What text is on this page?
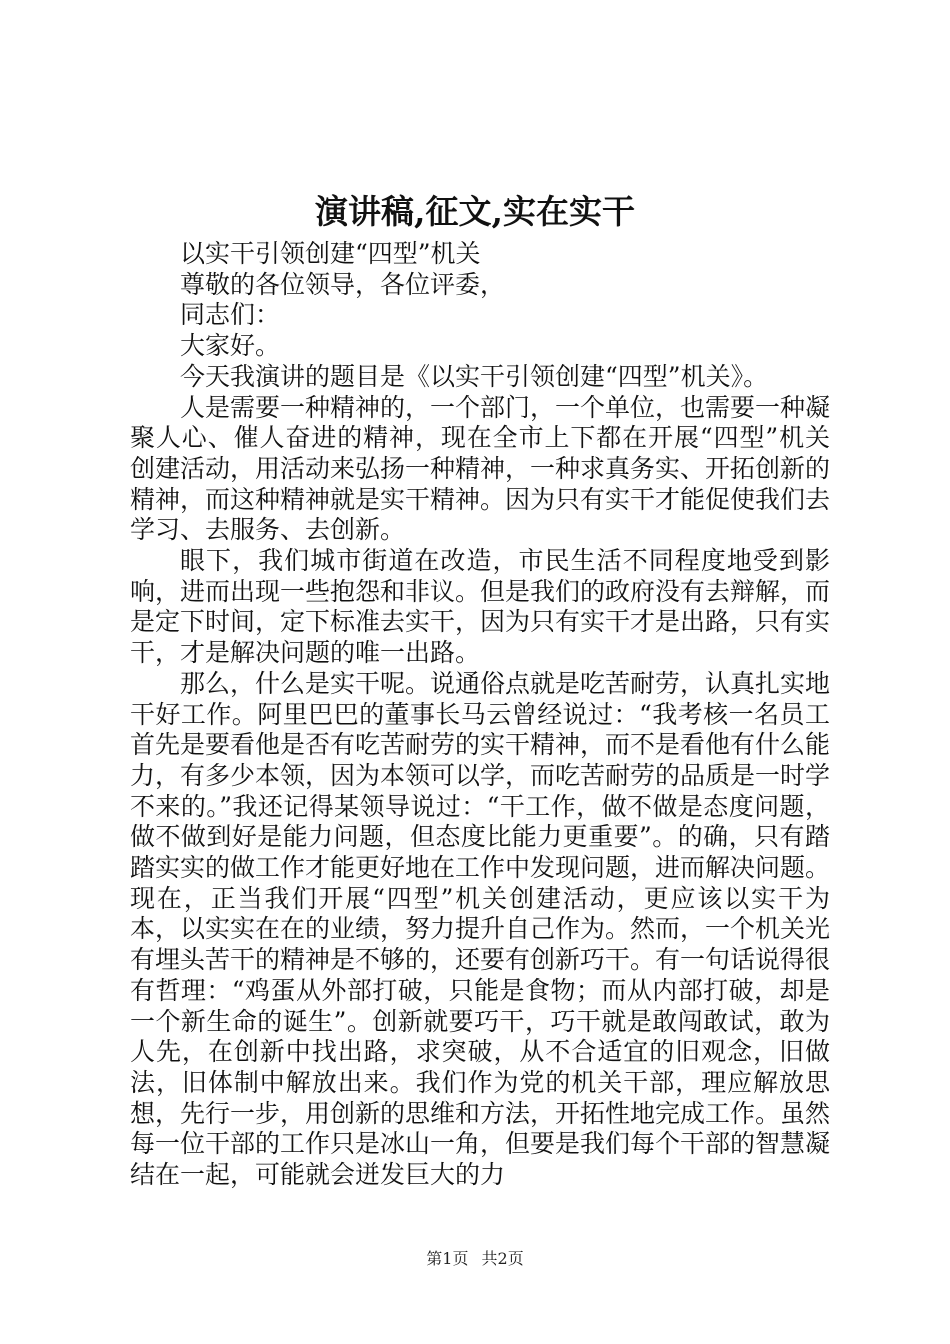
演讲稿,征文,实在实干

以实干引领创建“四型”机关

尊敬的各位领导，各位评委，

同志们：

大家好。

今天我演讲的题目是《以实干引领创建“四型”机关》。

人是需要一种精神的，一个部门，一个单位，也需要一种凝聚人心、催人奋进的精神，现在全市上下都在开展“四型”机关创建活动，用活动来弘扬一种精神，一种求真务实、开拓创新的精神，而这种精神就是实干精神。因为只有实干才能促使我们去学习、去服务、去创新。

眼下，我们城市街道在改造，市民生活不同程度地受到影响，进而出现一些抱怨和非议。但是我们的政府没有去辩解，而是定下时间，定下标准去实干，因为只有实干才是出路，只有实干，才是解决问题的唯一出路。

那么，什么是实干呢。说通俗点就是吃苦耐劳，认真扎实地干好工作。阿里巴巴的董事长马云曾经说过：“我考核一名员工首先是要看他是否有吃苦耐劳的实干精神，而不是看他有什么能力，有多少本领，因为本领可以学，而吃苦耐劳的品质是一时学不来的。”我还记得某领导说过：“干工作，做不做是态度问题，做不做到好是能力问题，但态度比能力更重要”。的确，只有踏踏实实的做工作才能更好地在工作中发现问题，进而解决问题。现在，正当我们开展“四型”机关创建活动，更应该以实干为本，以实实在在的业绩，努力提升自己作为。然而，一个机关光有埋头苦干的精神是不够的，还要有创新巧干。有一句话说得很有哲理：“鸡蛋从外部打破，只能是食物；而从内部打破，却是一个新生命的诞生”。创新就要巧干，巧干就是敢闯敢试，敢为人先，在创新中找出路，求突破，从不合适宜的旧观念，旧做法，旧体制中解放出来。我们作为党的机关干部，理应解放思想，先行一步，用创新的思维和方法，开拓性地完成工作。虽然每一位干部的工作只是冰山一角，但要是我们每个干部的智慧凝结在一起，可能就会迸发巨大的力

第1页 共2页
